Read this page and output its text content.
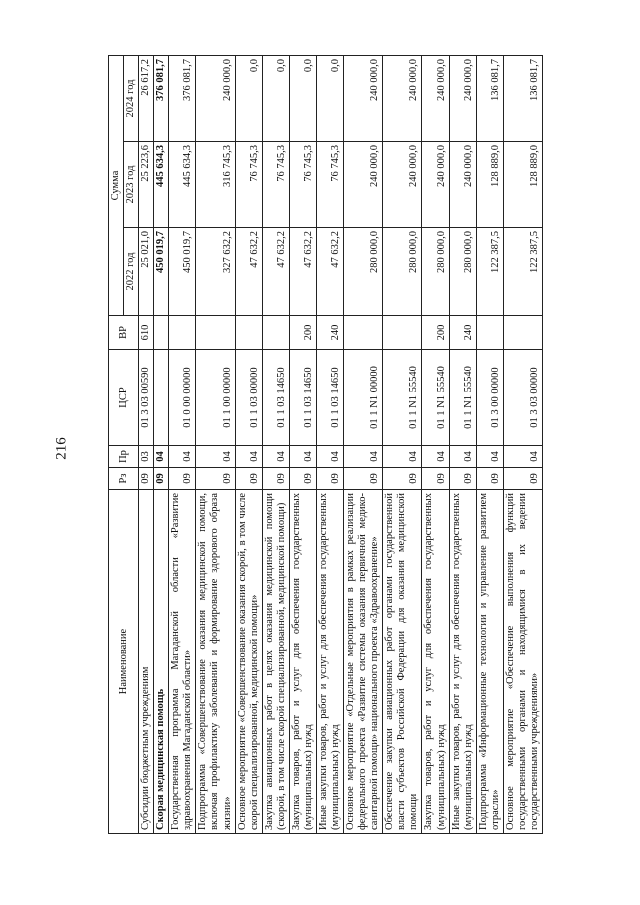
216
Наименование	Рз	Пр	ЦСР	ВР	Сумма		
					2022 год	2023 год	2024 год
Субсидии бюджетным учреждениям	09	03	01 3 03 00590	610	25 021,0	25 223,6	26 617,2
Скорая медицинская помощь	09	04			450 019,7	445 634,3	376 081,7
Государственная программа Магаданской области «Развитие здравоохранения Магаданской области»	09	04	01 0 00 00000		450 019,7	445 634,3	376 081,7
Подпрограмма «Совершенствование оказания медицинской помощи, включая профилактику заболеваний и формирование здорового образа жизни»	09	04	01 1 00 00000		327 632,2	316 745,3	240 000,0
Основное мероприятие «Совершенствование оказания скорой, в том числе скорой специализированной, медицинской помощи»	09	04	01 1 03 00000		47 632,2	76 745,3	0,0
Закупка авиационных работ в целях оказания медицинской помощи (скорой, в том числе скорой специализированной, медицинской помощи)	09	04	01 1 03 14650		47 632,2	76 745,3	0,0
Закупка товаров, работ и услуг для обеспечения государственных (муниципальных) нужд	09	04	01 1 03 14650	200	47 632,2	76 745,3	0,0
Иные закупки товаров, работ и услуг для обеспечения государственных (муниципальных) нужд	09	04	01 1 03 14650	240	47 632,2	76 745,3	0,0
Основное мероприятие «Отдельные мероприятия в рамках реализации федерального проекта «Развитие системы оказания первичной медико-санитарной помощи» национального проекта «Здравоохранение»	09	04	01 1 N1 00000		280 000,0	240 000,0	240 000,0
Обеспечение закупки авиационных работ органами государственной власти субъектов Российской Федерации для оказания медицинской помощи	09	04	01 1 N1 55540		280 000,0	240 000,0	240 000,0
Закупка товаров, работ и услуг для обеспечения государственных (муниципальных) нужд	09	04	01 1 N1 55540	200	280 000,0	240 000,0	240 000,0
Иные закупки товаров, работ и услуг для обеспечения государственных (муниципальных) нужд	09	04	01 1 N1 55540	240	280 000,0	240 000,0	240 000,0
Подпрограмма «Информационные технологии и управление развитием отрасли»	09	04	01 3 00 00000		122 387,5	128 889,0	136 081,7
Основное мероприятие «Обеспечение выполнения функций государственными органами и находящимися в их ведении государственными учреждениями»	09	04	01 3 03 00000		122 387,5	128 889,0	136 081,7
